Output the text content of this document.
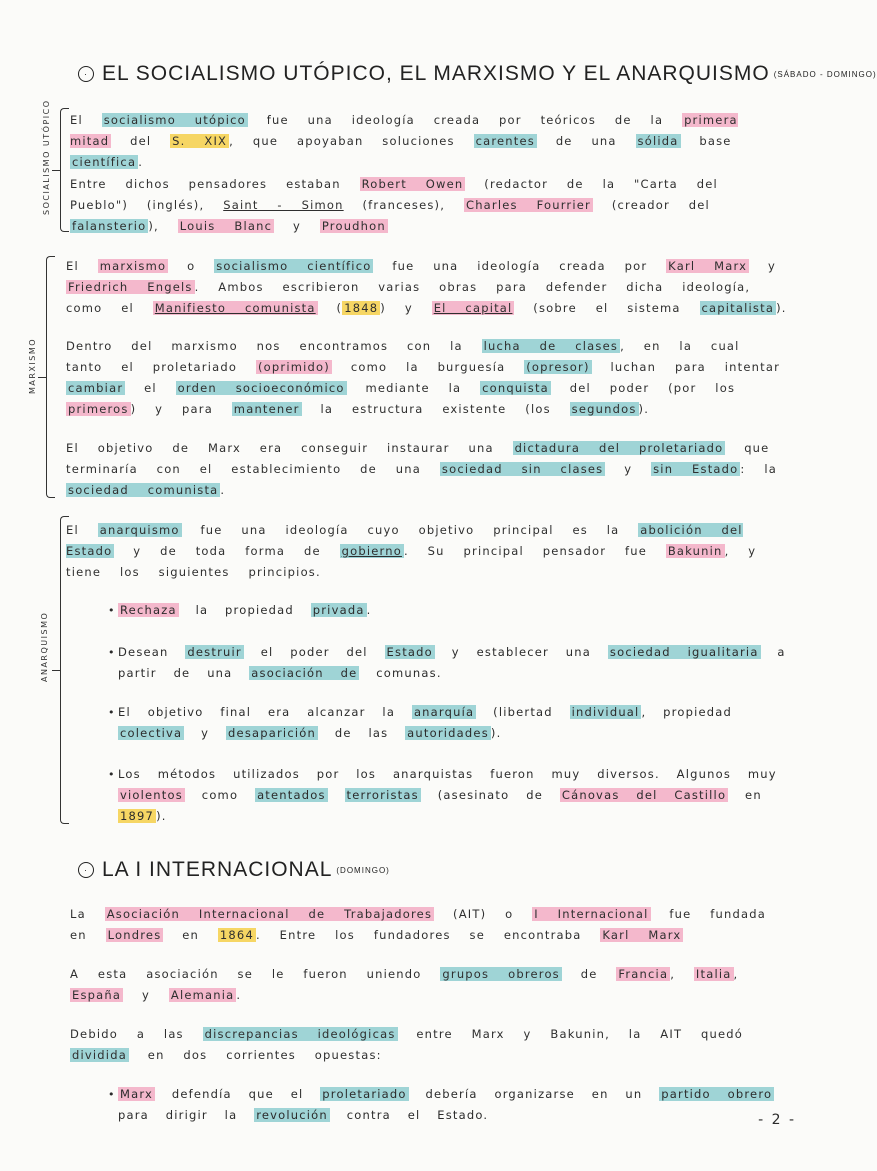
· EL SOCIALISMO UTÓPICO, EL MARXISMO Y EL ANARQUISMO (SÁBADO - DOMINGO)
SOCIALISMO UTÓPICO
MARXISMO
ANARQUISMO
El socialismo utópico fue una ideología creada por teóricos de la primera mitad del S. XIX , que apoyaban soluciones carentes de una sólida base científica .
Entre dichos pensadores estaban Robert Owen (redactor de la "Carta del Pueblo") (inglés), Saint - Simon (franceses), Charles Fourrier (creador del falansterio ), Louis Blanc y Proudhon
El marxismo o socialismo científico fue una ideología creada por Karl Marx y Friedrich Engels . Ambos escribieron varias obras para defender dicha ideología, como el Manifiesto comunista ( 1848 ) y El capital (sobre el sistema capitalista ).
Dentro del marxismo nos encontramos con la lucha de clases , en la cual tanto el proletariado (oprimido) como la burguesía (opresor) luchan para intentar cambiar el orden socioeconómico mediante la conquista del poder (por los primeros ) y para mantener la estructura existente (los segundos ).
El objetivo de Marx era conseguir instaurar una dictadura del proletariado que terminaría con el establecimiento de una sociedad sin clases y sin Estado : la sociedad comunista .
El anarquismo fue una ideología cuyo objetivo principal es la abolición del Estado y de toda forma de gobierno . Su principal pensador fue Bakunin , y tiene los siguientes principios.
• Rechaza la propiedad privada .
• Desean destruir el poder del Estado y establecer una sociedad igualitaria a partir de una asociación de comunas.
• El objetivo final era alcanzar la anarquía (libertad individual , propiedad colectiva y desaparición de las autoridades ).
• Los métodos utilizados por los anarquistas fueron muy diversos. Algunos muy violentos como atentados terroristas (asesinato de Cánovas del Castillo en 1897 ).
· LA I INTERNACIONAL (DOMINGO)
La Asociación Internacional de Trabajadores (AIT) o I Internacional fue fundada en Londres en 1864 . Entre los fundadores se encontraba Karl Marx
A esta asociación se le fueron uniendo grupos obreros de Francia , Italia , España y Alemania .
Debido a las discrepancias ideológicas entre Marx y Bakunin, la AIT quedó dividida en dos corrientes opuestas:
• Marx defendía que el proletariado debería organizarse en un partido obrero para dirigir la revolución contra el Estado.	- 2 -
